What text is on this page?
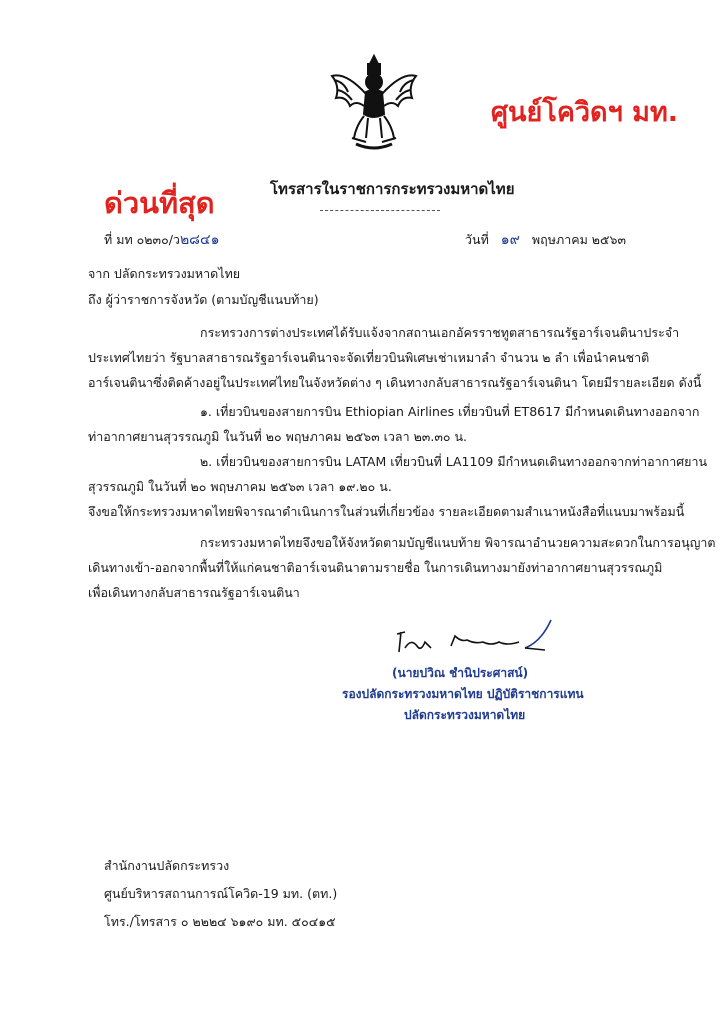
ศูนย์โควิดฯ มท.
ด่วนที่สุด	โทรสารในราชการกระทรวงมหาดไทย
ที่ มท ๐๒๓๐/ว๒๘๔๑	วันที่ ๑๙ พฤษภาคม ๒๕๖๓
จาก ปลัดกระทรวงมหาดไทย
ถึง ผู้ว่าราชการจังหวัด (ตามบัญชีแนบท้าย)
กระทรวงการต่างประเทศได้รับแจ้งจากสถานเอกอัครราชทูตสาธารณรัฐอาร์เจนตินาประจำ
ประเทศไทยว่า รัฐบาลสาธารณรัฐอาร์เจนตินาจะจัดเที่ยวบินพิเศษเช่าเหมาลำ จำนวน ๒ ลำ เพื่อนำคนชาติ
อาร์เจนตินาซึ่งติดค้างอยู่ในประเทศไทยในจังหวัดต่าง ๆ เดินทางกลับสาธารณรัฐอาร์เจนตินา โดยมีรายละเอียด ดังนี้
๑. เที่ยวบินของสายการบิน Ethiopian Airlines เที่ยวบินที่ ET8617 มีกำหนดเดินทางออกจาก
ท่าอากาศยานสุวรรณภูมิ ในวันที่ ๒๐ พฤษภาคม ๒๕๖๓ เวลา ๒๓.๓๐ น.
๒. เที่ยวบินของสายการบิน LATAM เที่ยวบินที่ LA1109 มีกำหนดเดินทางออกจากท่าอากาศยาน
สุวรรณภูมิ ในวันที่ ๒๐ พฤษภาคม ๒๕๖๓ เวลา ๑๙.๒๐ น.
จึงขอให้กระทรวงมหาดไทยพิจารณาดำเนินการในส่วนที่เกี่ยวข้อง รายละเอียดตามสำเนาหนังสือที่แนบมาพร้อมนี้
กระทรวงมหาดไทยจึงขอให้จังหวัดตามบัญชีแนบท้าย พิจารณาอำนวยความสะดวกในการอนุญาต
เดินทางเข้า-ออกจากพื้นที่ให้แก่คนชาติอาร์เจนตินาตามรายชื่อ ในการเดินทางมายังท่าอากาศยานสุวรรณภูมิ
เพื่อเดินทางกลับสาธารณรัฐอาร์เจนตินา
(นายปวิณ ชำนิประศาสน์)
รองปลัดกระทรวงมหาดไทย ปฏิบัติราชการแทน
ปลัดกระทรวงมหาดไทย
สำนักงานปลัดกระทรวง
ศูนย์บริหารสถานการณ์โควิด-19 มท. (ตท.)
โทร./โทรสาร ๐ ๒๒๒๔ ๖๑๙๐ มท. ๕๐๔๑๕
